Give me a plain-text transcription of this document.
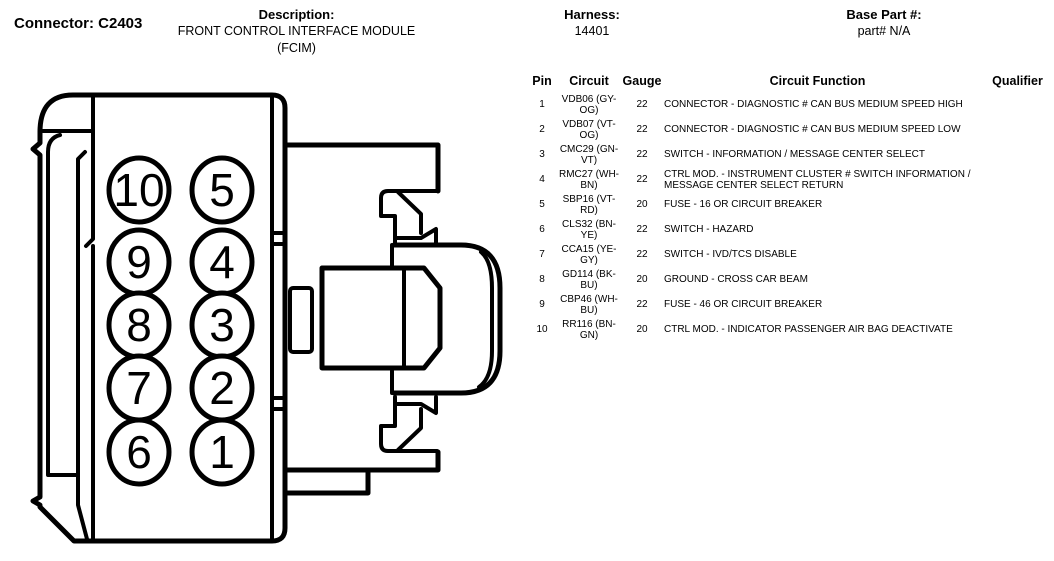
Connector: C2403
Description:
FRONT CONTROL INTERFACE MODULE (FCIM)
Harness:
14401
Base Part #:
part# N/A
10
9
8
7
6
5
4
3
2
1
Pin	Circuit	Gauge	Circuit Function	Qualifier
1	VDB06 (GY-OG)	22	CONNECTOR - DIAGNOSTIC # CAN BUS MEDIUM SPEED HIGH
2	VDB07 (VT-OG)	22	CONNECTOR - DIAGNOSTIC # CAN BUS MEDIUM SPEED LOW
3	CMC29 (GN-VT)	22	SWITCH - INFORMATION / MESSAGE CENTER SELECT
4	RMC27 (WH-BN)	22	CTRL MOD. - INSTRUMENT CLUSTER # SWITCH INFORMATION / MESSAGE CENTER SELECT RETURN
5	SBP16 (VT-RD)	20	FUSE - 16 OR CIRCUIT BREAKER
6	CLS32 (BN-YE)	22	SWITCH - HAZARD
7	CCA15 (YE-GY)	22	SWITCH - IVD/TCS DISABLE
8	GD114 (BK-BU)	20	GROUND - CROSS CAR BEAM
9	CBP46 (WH-BU)	22	FUSE - 46 OR CIRCUIT BREAKER
10	RR116 (BN-GN)	20	CTRL MOD. - INDICATOR PASSENGER AIR BAG DEACTIVATE
